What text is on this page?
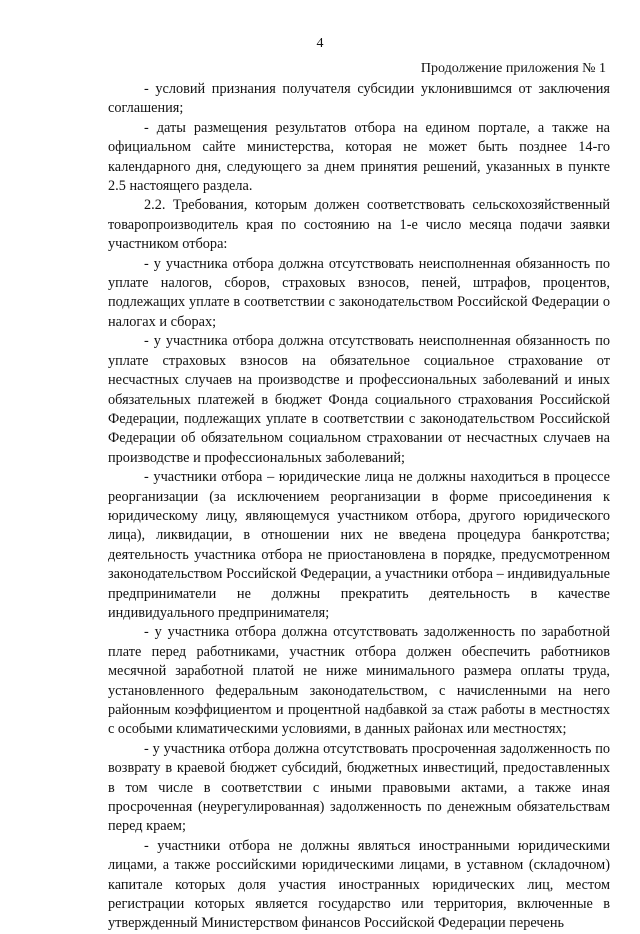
4
Продолжение приложения № 1

- условий признания получателя субсидии уклонившимся от заключения соглашения;

- даты размещения результатов отбора на едином портале, а также на официальном сайте министерства, которая не может быть позднее 14-го календарного дня, следующего за днем принятия решений, указанных в пункте 2.5 настоящего раздела.

2.2. Требования, которым должен соответствовать сельскохозяйственный товаропроизводитель края по состоянию на 1-е число месяца подачи заявки участником отбора:

- у участника отбора должна отсутствовать неисполненная обязанность по уплате налогов, сборов, страховых взносов, пеней, штрафов, процентов, подлежащих уплате в соответствии с законодательством Российской Федерации о налогах и сборах;

- у участника отбора должна отсутствовать неисполненная обязанность по уплате страховых взносов на обязательное социальное страхование от несчастных случаев на производстве и профессиональных заболеваний и иных обязательных платежей в бюджет Фонда социального страхования Российской Федерации, подлежащих уплате в соответствии с законодательством Российской Федерации об обязательном социальном страховании от несчастных случаев на производстве и профессиональных заболеваний;

- участники отбора – юридические лица не должны находиться в процессе реорганизации (за исключением реорганизации в форме присоединения к юридическому лицу, являющемуся участником отбора, другого юридического лица), ликвидации, в отношении них не введена процедура банкротства; деятельность участника отбора не приостановлена в порядке, предусмотренном законодательством Российской Федерации, а участники отбора – индивидуальные предприниматели не должны прекратить деятельность в качестве индивидуального предпринимателя;

- у участника отбора должна отсутствовать задолженность по заработной плате перед работниками, участник отбора должен обеспечить работников месячной заработной платой не ниже минимального размера оплаты труда, установленного федеральным законодательством, с начисленными на него районным коэффициентом и процентной надбавкой за стаж работы в местностях с особыми климатическими условиями, в данных районах или местностях;

- у участника отбора должна отсутствовать просроченная задолженность по возврату в краевой бюджет субсидий, бюджетных инвестиций, предоставленных в том числе в соответствии с иными правовыми актами, а также иная просроченная (неурегулированная) задолженность по денежным обязательствам перед краем;

- участники отбора не должны являться иностранными юридическими лицами, а также российскими юридическими лицами, в уставном (складочном) капитале которых доля участия иностранных юридических лиц, местом регистрации которых является государство или территория, включенные в утвержденный Министерством финансов Российской Федерации перечень
